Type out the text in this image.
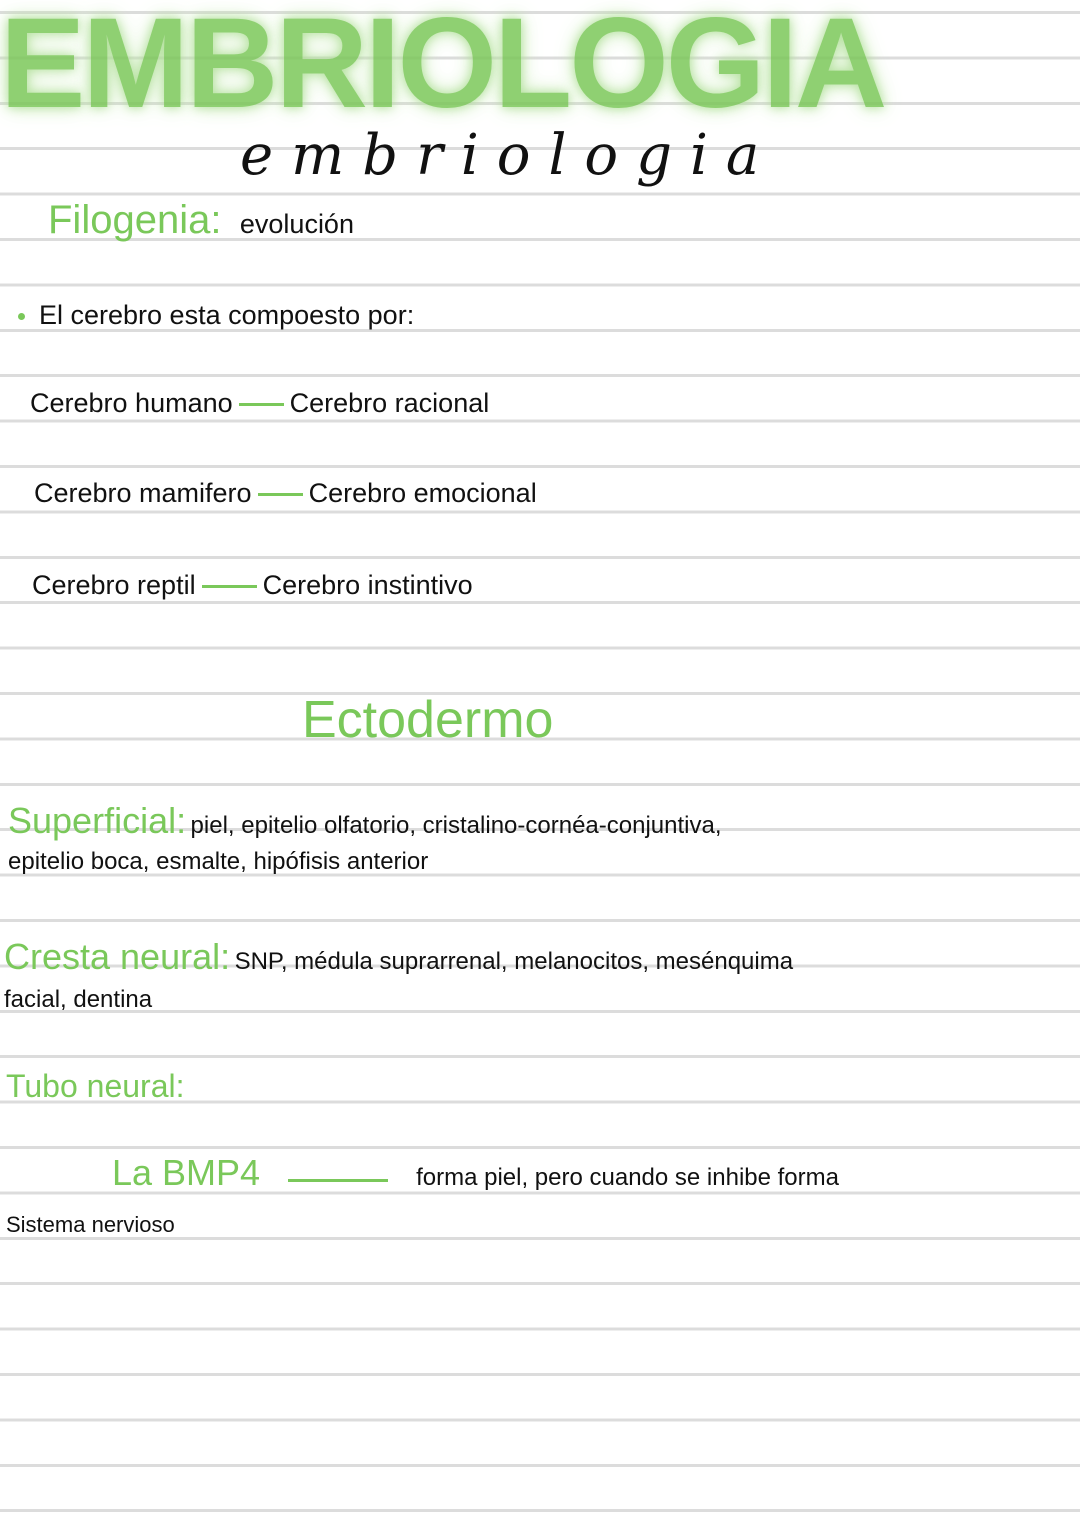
EMBRIOLOGIA
embriologia
Filogenia: evolución
El cerebro esta compoesto por:
Cerebro humano Cerebro racional
Cerebro mamifero Cerebro emocional
Cerebro reptil Cerebro instintivo
Ectodermo
Superficial: piel, epitelio olfatorio, cristalino-cornéa-conjuntiva,
epitelio boca, esmalte, hipófisis anterior
Cresta neural: SNP, médula suprarrenal, melanocitos, mesénquima
facial, dentina
Tubo neural:
La BMP4	forma piel, pero cuando se inhibe forma
Sistema nervioso
